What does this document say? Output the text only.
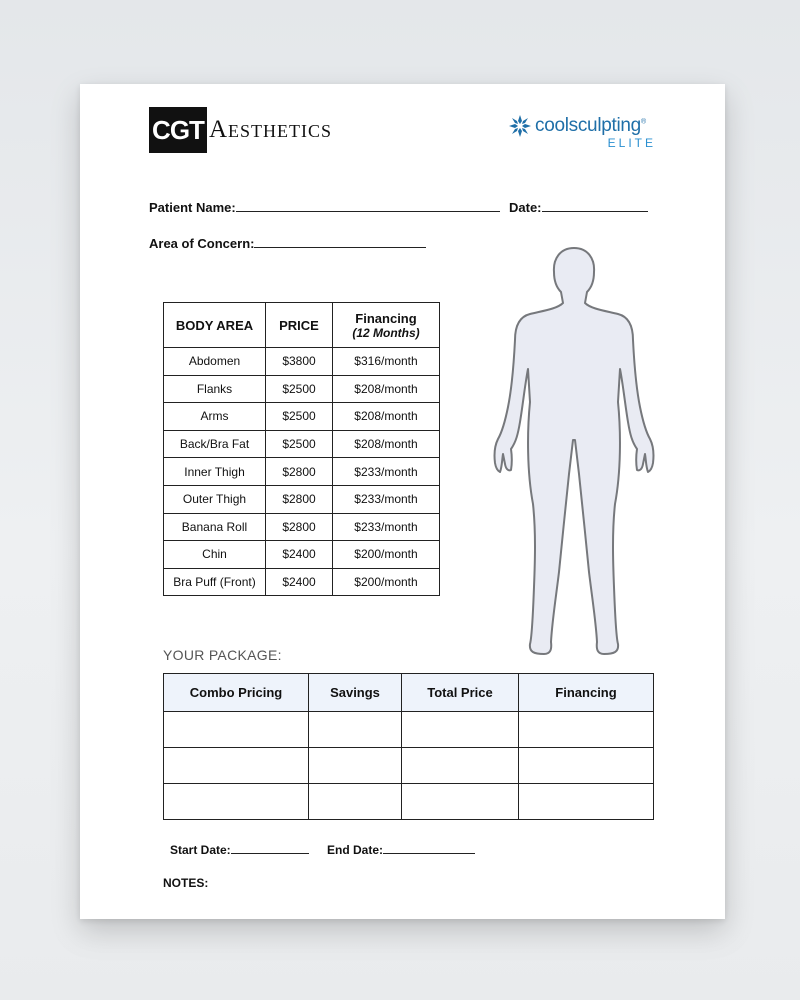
CGT Aesthetics	coolsculpting®
ELITE
Patient Name:	Date:
Area of Concern:
BODY AREA	PRICE	Financing
(12 Months)

Abdomen	$3800	$316/month
Flanks	$2500	$208/month
Arms	$2500	$208/month
Back/Bra Fat	$2500	$208/month
Inner Thigh	$2800	$233/month
Outer Thigh	$2800	$233/month
Banana Roll	$2800	$233/month
Chin	$2400	$200/month
Bra Puff (Front)	$2400	$200/month
YOUR PACKAGE:
Combo Pricing	Savings	Total Price	Financing

Start Date:	End Date:
NOTES:
